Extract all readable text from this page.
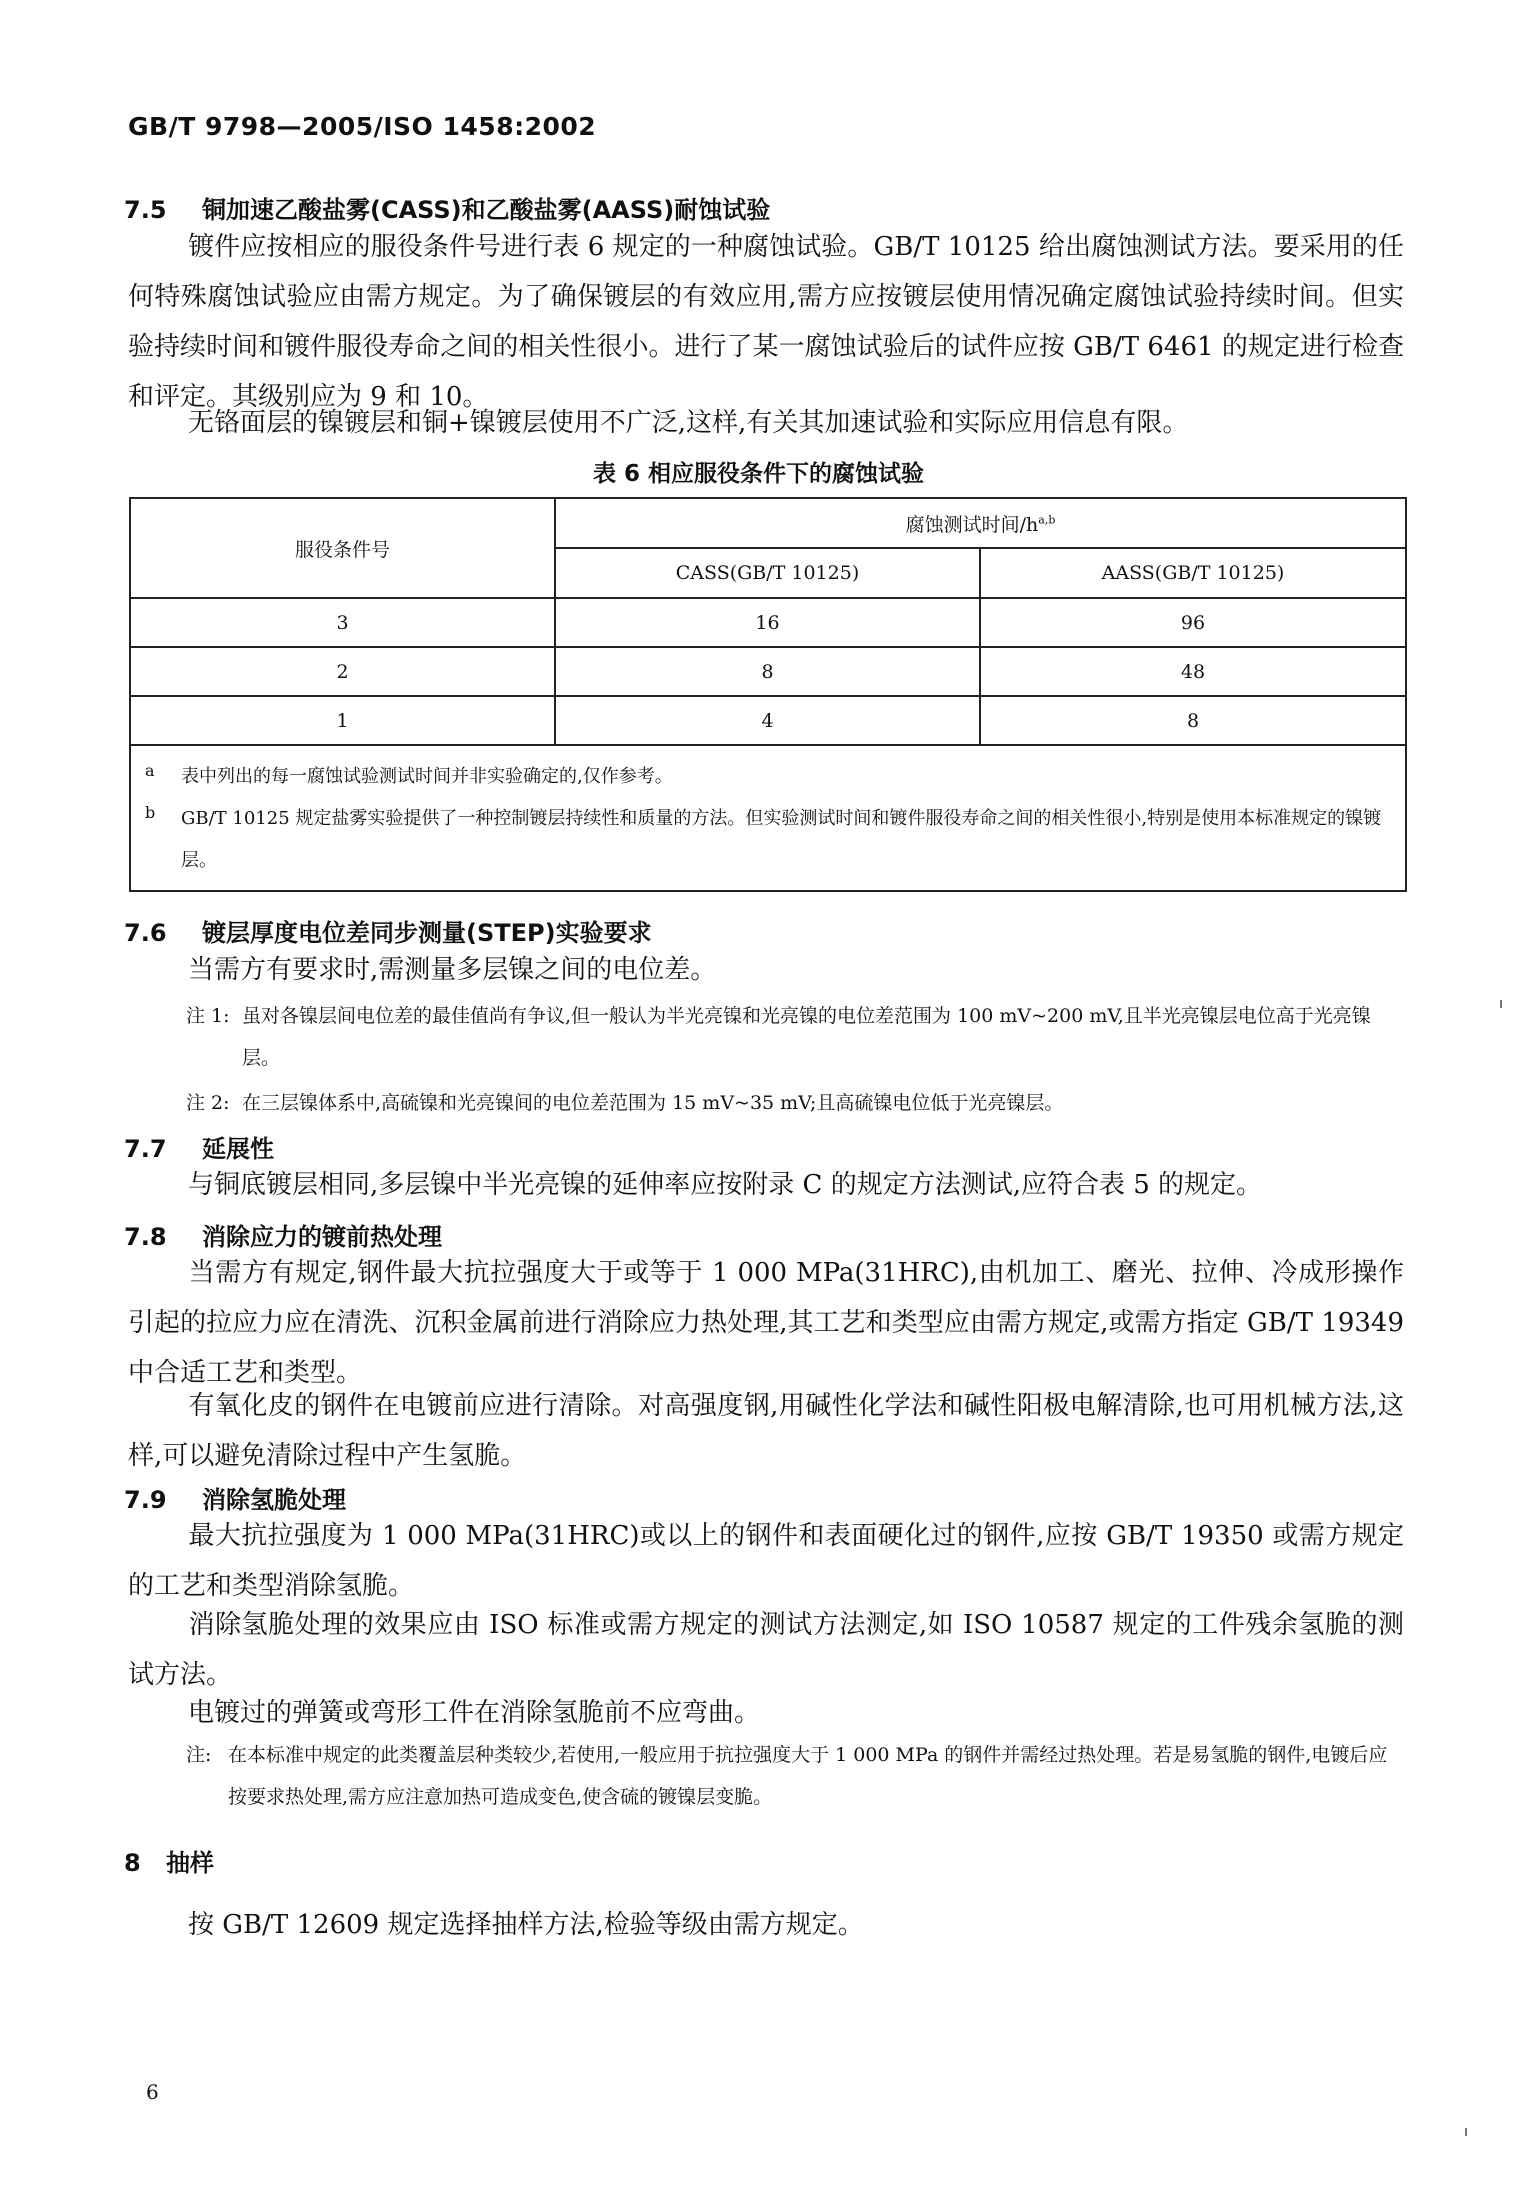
GB/T 9798—2005/ISO 1458:2002
7.5 铜加速乙酸盐雾(CASS)和乙酸盐雾(AASS)耐蚀试验
镀件应按相应的服役条件号进行表 6 规定的一种腐蚀试验。GB/T 10125 给出腐蚀测试方法。要采用的任何特殊腐蚀试验应由需方规定。为了确保镀层的有效应用,需方应按镀层使用情况确定腐蚀试验持续时间。但实验持续时间和镀件服役寿命之间的相关性很小。进行了某一腐蚀试验后的试件应按 GB/T 6461 的规定进行检查和评定。其级别应为 9 和 10。
无铬面层的镍镀层和铜+镍镀层使用不广泛,这样,有关其加速试验和实际应用信息有限。
表 6 相应服役条件下的腐蚀试验
服役条件号	腐蚀测试时间$/h^{a,b}$
	CASS(GB/T 10125)	AASS(GB/T 10125)
3	16	96
2	8	48
1	4	8

a 表中列出的每一腐蚀试验测试时间并非实验确定的,仅作参考。
b GB/T 10125 规定盐雾实验提供了一种控制镀层持续性和质量的方法。但实验测试时间和镀件服役寿命之间的相关性很小,特别是使用本标准规定的镍镀层。		
7.6 镀层厚度电位差同步测量(STEP)实验要求
当需方有要求时,需测量多层镍之间的电位差。
注 1: 虽对各镍层间电位差的最佳值尚有争议,但一般认为半光亮镍和光亮镍的电位差范围为 100 mV~200 mV,且半光亮镍层电位高于光亮镍层。
注 2: 在三层镍体系中,高硫镍和光亮镍间的电位差范围为 15 mV~35 mV;且高硫镍电位低于光亮镍层。
7.7 延展性
与铜底镀层相同,多层镍中半光亮镍的延伸率应按附录 C 的规定方法测试,应符合表 5 的规定。
7.8 消除应力的镀前热处理
当需方有规定,钢件最大抗拉强度大于或等于 1 000 MPa(31HRC),由机加工、磨光、拉伸、冷成形操作引起的拉应力应在清洗、沉积金属前进行消除应力热处理,其工艺和类型应由需方规定,或需方指定 GB/T 19349 中合适工艺和类型。
有氧化皮的钢件在电镀前应进行清除。对高强度钢,用碱性化学法和碱性阳极电解清除,也可用机械方法,这样,可以避免清除过程中产生氢脆。
7.9 消除氢脆处理
最大抗拉强度为 1 000 MPa(31HRC)或以上的钢件和表面硬化过的钢件,应按 GB/T 19350 或需方规定的工艺和类型消除氢脆。
消除氢脆处理的效果应由 ISO 标准或需方规定的测试方法测定,如 ISO 10587 规定的工件残余氢脆的测试方法。
电镀过的弹簧或弯形工件在消除氢脆前不应弯曲。
注: 在本标准中规定的此类覆盖层种类较少,若使用,一般应用于抗拉强度大于 1 000 MPa 的钢件并需经过热处理。若是易氢脆的钢件,电镀后应按要求热处理,需方应注意加热可造成变色,使含硫的镀镍层变脆。
8 抽样
按 GB/T 12609 规定选择抽样方法,检验等级由需方规定。
6
